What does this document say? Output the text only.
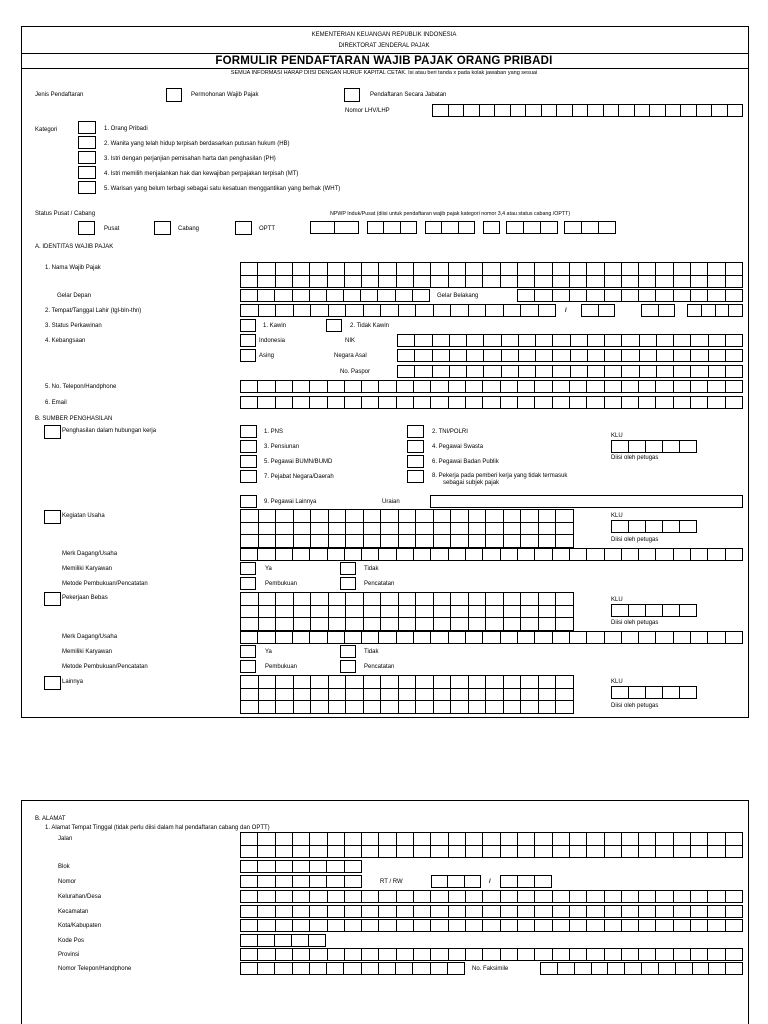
KEMENTERIAN KEUANGAN REPUBLIK INDONESIA
DIREKTORAT JENDERAL PAJAK
FORMULIR PENDAFTARAN WAJIB PAJAK ORANG PRIBADI
SEMUA INFORMASI HARAP DIISI DENGAN HURUF KAPITAL CETAK. Isi atau beri tanda x pada kolak jawaban yang sesuai
Jenis Pendaftaran	Permohonan Wajib Pajak	Pendaftaran Secara Jabatan
Nomor LHV/LHP
Kategori	1. Orang Pribadi
2. Wanita yang telah hidup terpisah berdasarkan putusan hukum (HB)
3. Istri dengan perjanjian pemisahan harta dan penghasilan (PH)
4. Istri memilih menjalankan hak dan kewajiban perpajakan terpisah (MT)
5. Warisan yang belum terbagi sebagai satu kesatuan menggantikan yang berhak (WHT)
Status Pusat / Cabang	NPWP Induk/Pusat (diisi untuk pendaftaran wajib pajak kategori nomor 3,4 atau status cabang /OPTT)
Pusat	Cabang	OPTT
A. IDENTITAS WAJIB PAJAK
1. Nama Wajib Pajak
Gelar Depan	Gelar Belakang
2. Tempat/Tanggal Lahir (tgl-bln-thn)	/
3. Status Perkawinan	1. Kawin	2. Tidak Kawin
4. Kebangsaan	Indonesia	NIK
Asing	Negara Asal
No. Paspor
5. No. Telepon/Handphone
6. Email
B. SUMBER PENGHASILAN
Penghasilan dalam hubungan kerja	1. PNS	2. TNI/POLRI
3. Pensiunan	4. Pegawai Swasta
5. Pegawai BUMN/BUMD	6. Pegawai Badan Publik
7. Pejabat Negara/Daerah	8. Pekerja pada pemberi kerja yang tidak termasuk
sebagai subjek pajak
9. Pegawai Lainnya	Uraian
KLU
Diisi oleh petugas
Kegiatan Usaha	KLU
Diisi oleh petugas
Merk Dagang/Usaha
Memiliki Karyawan	Ya	Tidak
Metode Pembukuan/Pencatatan	Pembukuan	Pencatatan
Pekerjaan Bebas	KLU
Diisi oleh petugas
Merk Dagang/Usaha
Memiliki Karyawan	Ya	Tidak
Metode Pembukuan/Pencatatan	Pembukuan	Pencatatan
Lainnya	KLU
Diisi oleh petugas
B. ALAMAT
1. Alamat Tempat Tinggal (tidak perlu diisi dalam hal pendaftaran cabang dan OPTT)
Jalan
Blok
Nomor	RT / RW	/
Kelurahan/Desa
Kecamatan
Kota/Kabupaten
Kode Pos
Provinsi
Nomor Telepon/Handphone	No. Faksimile
